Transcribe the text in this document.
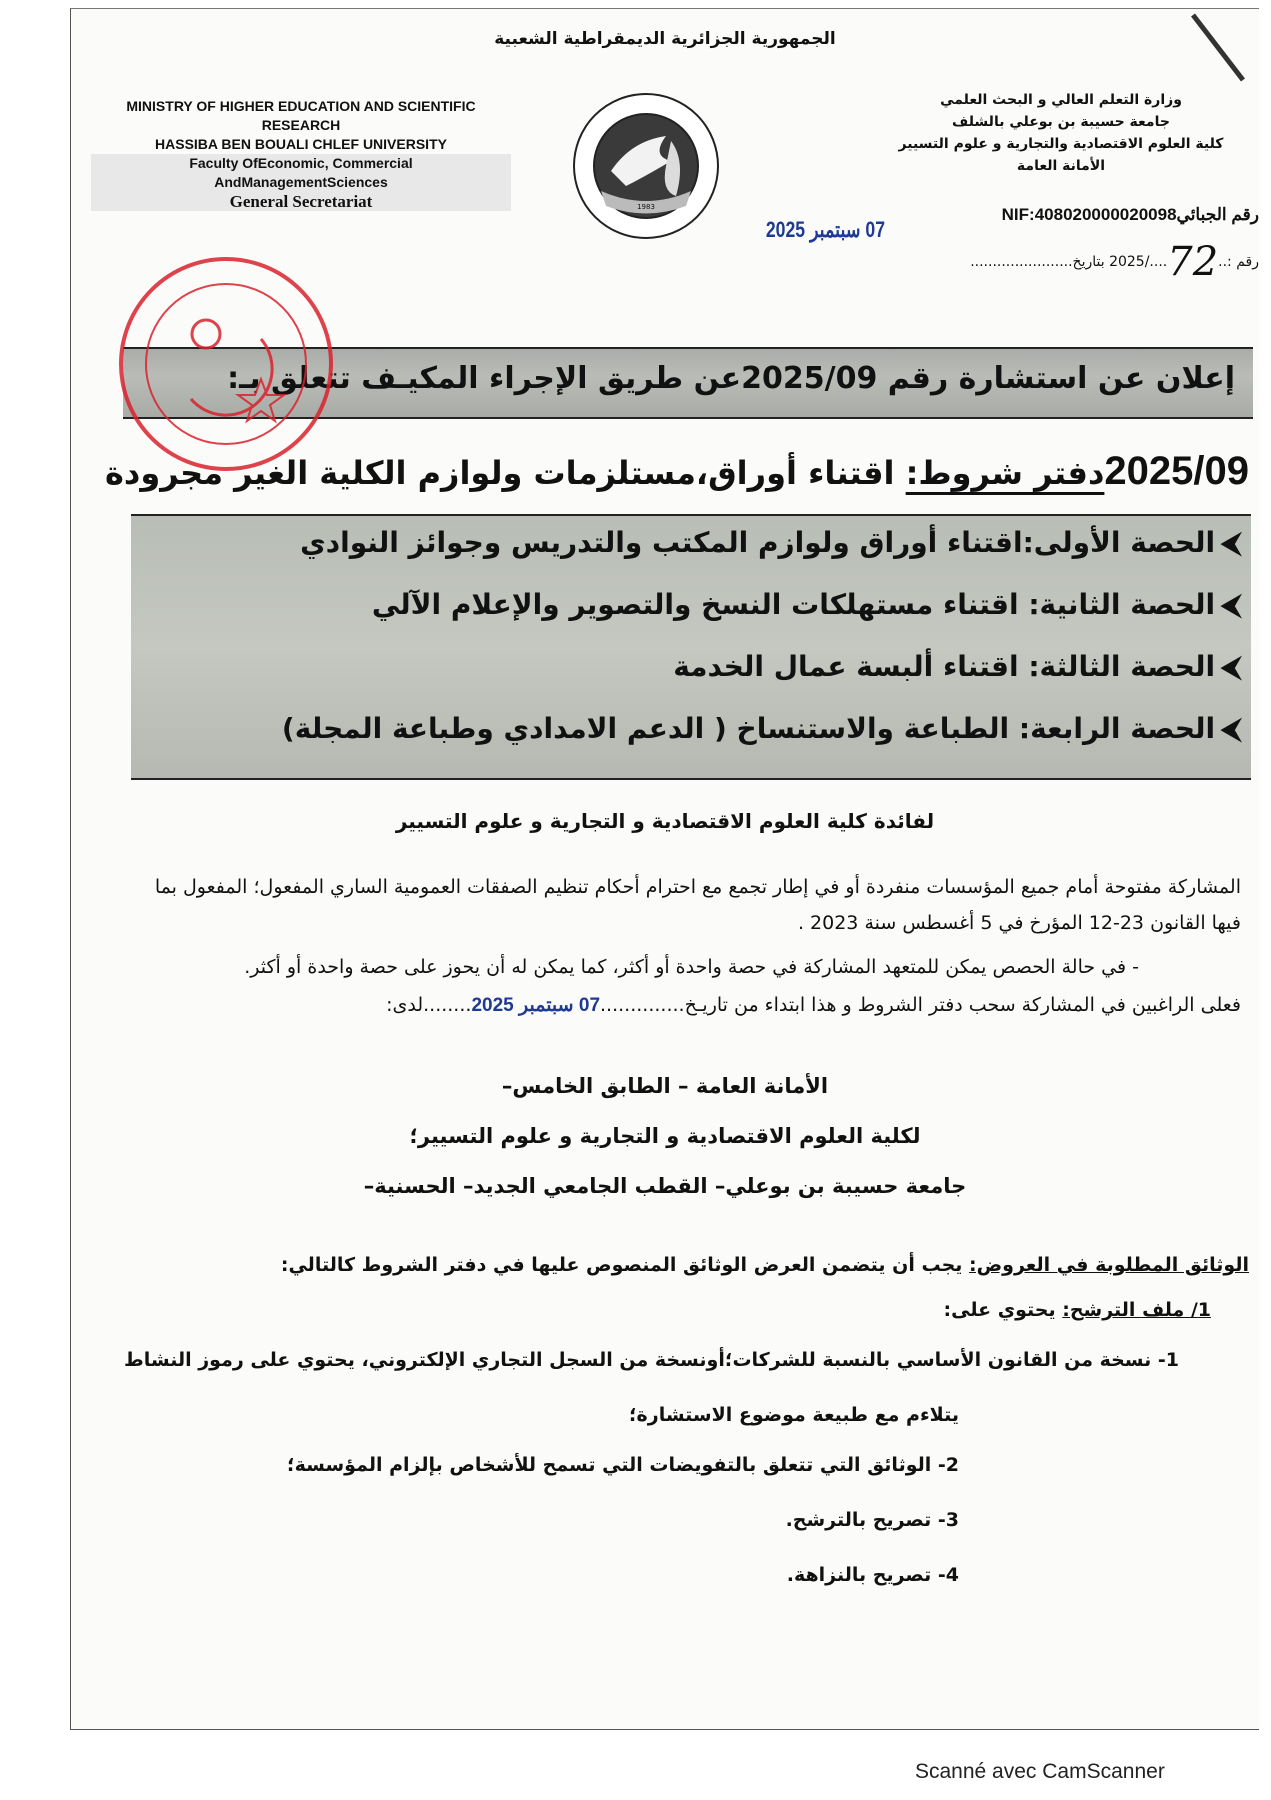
الجمهورية الجزائرية الديمقراطية الشعبية
MINISTRY OF HIGHER EDUCATION AND SCIENTIFIC
RESEARCH
HASSIBA BEN BOUALI CHLEF UNIVERSITY
Faculty OfEconomic, Commercial
AndManagementSciences
General Secretariat	1983
وزارة التعلم العالي و البحث العلمي
جامعة حسيبة بن بوعلي بالشلف
كلية العلوم الاقتصادية والتجارية و علوم التسيير
الأمانة العامة
رقم الجبائيNIF:408020000020098
07 سبتمبر 2025
رقم :..72..../2025 بتاريخ.......................
إعلان عن استشارة رقم 2025/09عن طريق الإجراء المكيـف تتعلق بـ:
2025/09دفتر شروط: اقتناء أوراق،مستلزمات ولوازم الكلية الغير مجرودة
⮜الحصة الأولى:اقتناء أوراق ولوازم المكتب والتدريس وجوائز النوادي
⮜الحصة الثانية: اقتناء مستهلكات النسخ والتصوير والإعلام الآلي
⮜الحصة الثالثة: اقتناء ألبسة عمال الخدمة
⮜الحصة الرابعة: الطباعة والاستنساخ ( الدعم الامدادي وطباعة المجلة)
لفائدة كلية العلوم الاقتصادية و التجارية و علوم التسيير
المشاركة مفتوحة أمام جميع المؤسسات منفردة أو في إطار تجمع مع احترام أحكام تنظيم الصفقات العمومية الساري المفعول؛ المفعول بما فيها القانون 23-12 المؤرخ في 5 أغسطس سنة 2023 .
- في حالة الحصص يمكن للمتعهد المشاركة في حصة واحدة أو أكثر، كما يمكن له أن يحوز على حصة واحدة أو أكثر.
فعلى الراغبين في المشاركة سحب دفتر الشروط و هذا ابتداء من تاريـخ..............07 سبتمبر 2025........لدى:
الأمانة العامة – الطابق الخامس–
لكلية العلوم الاقتصادية و التجارية و علوم التسيير؛
جامعة حسيبة بن بوعلي– القطب الجامعي الجديد– الحسنية–
الوثائق المطلوبة في العروض: يجب أن يتضمن العرض الوثائق المنصوص عليها في دفتر الشروط كالتالي:
1/ ملف الترشح: يحتوي على:
1- نسخة من القانون الأساسي بالنسبة للشركات؛أونسخة من السجل التجاري الإلكتروني، يحتوي على رموز النشاط
يتلاءم مع طبيعة موضوع الاستشارة؛
2- الوثائق التي تتعلق بالتفويضات التي تسمح للأشخاص بإلزام المؤسسة؛
3- تصريح بالترشح.
4- تصريح بالنزاهة.
Scanné avec CamScanner
